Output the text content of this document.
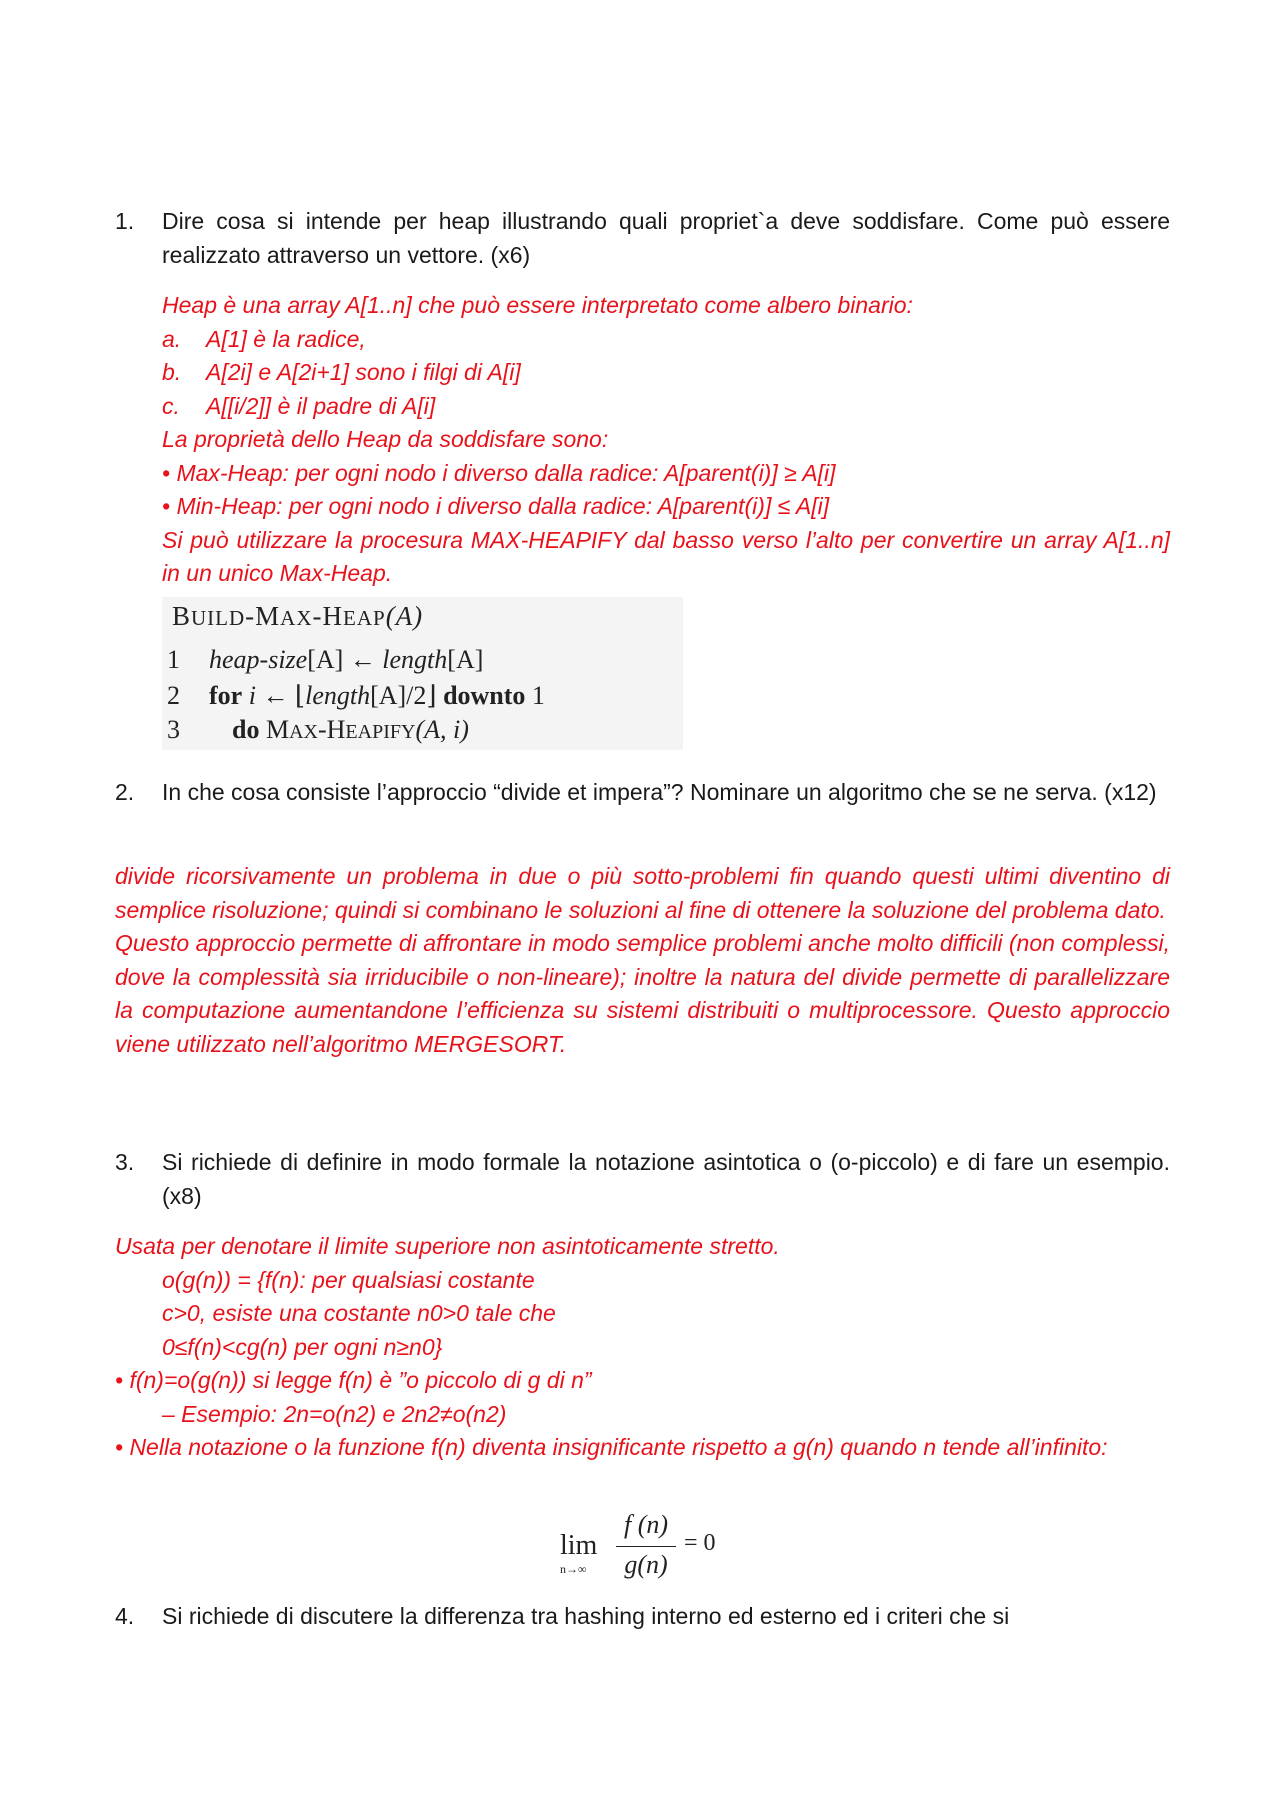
1. Dire cosa si intende per heap illustrando quali propriet`a deve soddisfare. Come può essere realizzato attraverso un vettore. (x6)

Heap è una array A[1..n] che può essere interpretato come albero binario:

a.	A[1] è la radice,
b.	A[2i] e A[2i+1] sono i filgi di A[i]
c.	A[[i/2]] è il padre di A[i]

La proprietà dello Heap da soddisfare sono:

• Max-Heap: per ogni nodo i diverso dalla radice: A[parent(i)] ≥ A[i]

• Min-Heap: per ogni nodo i diverso dalla radice: A[parent(i)] ≤ A[i]

Si può utilizzare la procesura MAX-HEAPIFY dal basso verso l’alto per convertire un array A[1..n] in un unico Max-Heap.

BUILD-MAX-HEAP(A)
1 heap-size[A] ← length[A]
2 for i ← ⌊length[A]/2⌋ downto 1
3 do MAX-HEAPIFY(A, i)
2. In che cosa consiste l’approccio “divide et impera”? Nominare un algoritmo che se ne serva. (x12)

divide ricorsivamente un problema in due o più sotto-problemi fin quando questi ultimi diventino di semplice risoluzione; quindi si combinano le soluzioni al fine di ottenere la soluzione del problema dato.

Questo approccio permette di affrontare in modo semplice problemi anche molto difficili (non complessi, dove la complessità sia irriducibile o non-lineare); inoltre la natura del divide permette di parallelizzare la computazione aumentandone l’efficienza su sistemi distribuiti o multiprocessore. Questo approccio viene utilizzato nell’algoritmo MERGESORT.

3. Si richiede di definire in modo formale la notazione asintotica o (o-piccolo) e di fare un esempio. (x8)

Usata per denotare il limite superiore non asintoticamente stretto.

o(g(n)) = {f(n): per qualsiasi costante

c>0, esiste una costante n0>0 tale che

0≤f(n)<cg(n) per ogni n≥n0}

• f(n)=o(g(n)) si legge f(n) è ”o piccolo di g di n”

– Esempio: 2n=o(n2) e 2n2≠o(n2)

• Nella notazione o la funzione f(n) diventa insignificante rispetto a g(n) quando n tende all’infinito:

lim
n→∞
f (n)
g(n)
= 0
4. Si richiede di discutere la differenza tra hashing interno ed esterno ed i criteri che si
